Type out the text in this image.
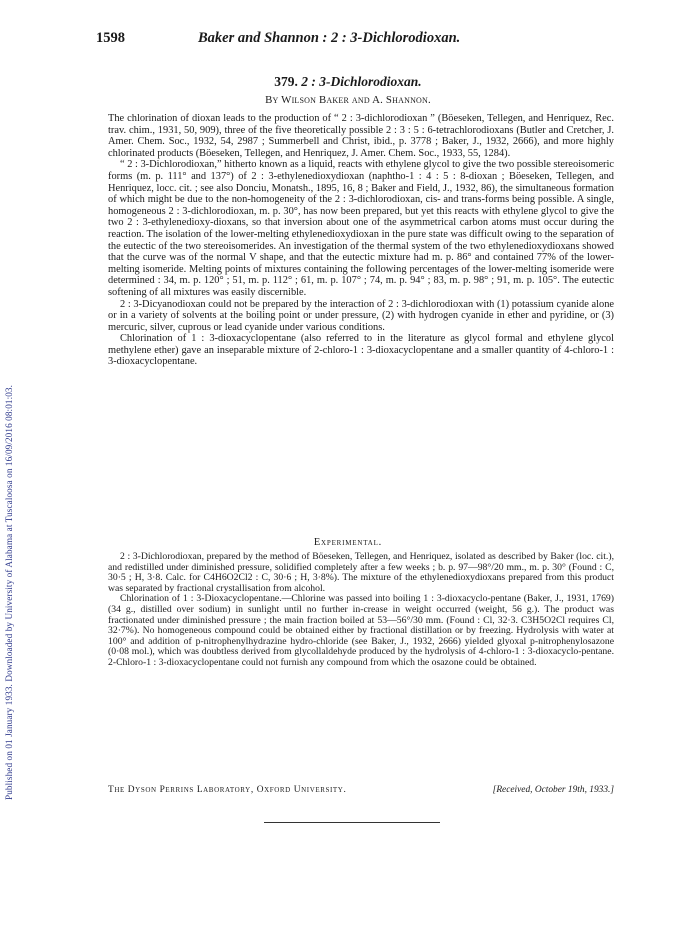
Published on 01 January 1933. Downloaded by University of Alabama at Tuscaloosa on 16/09/2016 08:01:03.
1598	Baker and Shannon : 2 : 3-Dichlorodioxan.
379. 2 : 3-Dichlorodioxan.
By Wilson Baker and A. Shannon.

The chlorination of dioxan leads to the production of “ 2 : 3-dichlorodioxan ” (Böeseken, Tellegen, and Henriquez, Rec. trav. chim., 1931, 50, 909), three of the five theoretically possible 2 : 3 : 5 : 6-tetrachlorodioxans (Butler and Cretcher, J. Amer. Chem. Soc., 1932, 54, 2987 ; Summerbell and Christ, ibid., p. 3778 ; Baker, J., 1932, 2666), and more highly chlorinated products (Böeseken, Tellegen, and Henriquez, J. Amer. Chem. Soc., 1933, 55, 1284).

“ 2 : 3-Dichlorodioxan,” hitherto known as a liquid, reacts with ethylene glycol to give the two possible stereoisomeric forms (m. p. 111° and 137°) of 2 : 3-ethylenedioxydioxan (naphtho-1 : 4 : 5 : 8-dioxan ; Böeseken, Tellegen, and Henriquez, locc. cit. ; see also Donciu, Monatsh., 1895, 16, 8 ; Baker and Field, J., 1932, 86), the simultaneous formation of which might be due to the non-homogeneity of the 2 : 3-dichlorodioxan, cis- and trans-forms being possible. A single, homogeneous 2 : 3-dichlorodioxan, m. p. 30°, has now been prepared, but yet this reacts with ethylene glycol to give the two 2 : 3-ethylenedioxy-dioxans, so that inversion about one of the asymmetrical carbon atoms must occur during the reaction. The isolation of the lower-melting ethylenedioxydioxan in the pure state was difficult owing to the separation of the eutectic of the two stereoisomerides. An investigation of the thermal system of the two ethylenedioxydioxans showed that the curve was of the normal V shape, and that the eutectic mixture had m. p. 86° and contained 77% of the lower-melting isomeride. Melting points of mixtures containing the following percentages of the lower-melting isomeride were determined : 34, m. p. 120° ; 51, m. p. 112° ; 61, m. p. 107° ; 74, m. p. 94° ; 83, m. p. 98° ; 91, m. p. 105°. The eutectic softening of all mixtures was easily discernible.

2 : 3-Dicyanodioxan could not be prepared by the interaction of 2 : 3-dichlorodioxan with (1) potassium cyanide alone or in a variety of solvents at the boiling point or under pressure, (2) with hydrogen cyanide in ether and pyridine, or (3) mercuric, silver, cuprous or lead cyanide under various conditions.

Chlorination of 1 : 3-dioxacyclopentane (also referred to in the literature as glycol formal and ethylene glycol methylene ether) gave an inseparable mixture of 2-chloro-1 : 3-dioxacyclopentane and a smaller quantity of 4-chloro-1 : 3-dioxacyclopentane.

Experimental.

2 : 3-Dichlorodioxan, prepared by the method of Böeseken, Tellegen, and Henriquez, isolated as described by Baker (loc. cit.), and redistilled under diminished pressure, solidified completely after a few weeks ; b. p. 97—98°/20 mm., m. p. 30° (Found : C, 30·5 ; H, 3·8. Calc. for C4H6O2Cl2 : C, 30·6 ; H, 3·8%). The mixture of the ethylenedioxydioxans prepared from this product was separated by fractional crystallisation from alcohol.

Chlorination of 1 : 3-Dioxacyclopentane.—Chlorine was passed into boiling 1 : 3-dioxacyclo-pentane (Baker, J., 1931, 1769) (34 g., distilled over sodium) in sunlight until no further in-crease in weight occurred (weight, 56 g.). The product was fractionated under diminished pressure ; the main fraction boiled at 53—56°/30 mm. (Found : Cl, 32·3. C3H5O2Cl requires Cl, 32·7%). No homogeneous compound could be obtained either by fractional distillation or by freezing. Hydrolysis with water at 100° and addition of p-nitrophenylhydrazine hydro-chloride (see Baker, J., 1932, 2666) yielded glyoxal p-nitrophenylosazone (0·08 mol.), which was doubtless derived from glycollaldehyde produced by the hydrolysis of 4-chloro-1 : 3-dioxacyclo-pentane. 2-Chloro-1 : 3-dioxacyclopentane could not furnish any compound from which the osazone could be obtained.

The Dyson Perrins Laboratory, Oxford University.	[Received, October 19th, 1933.]
